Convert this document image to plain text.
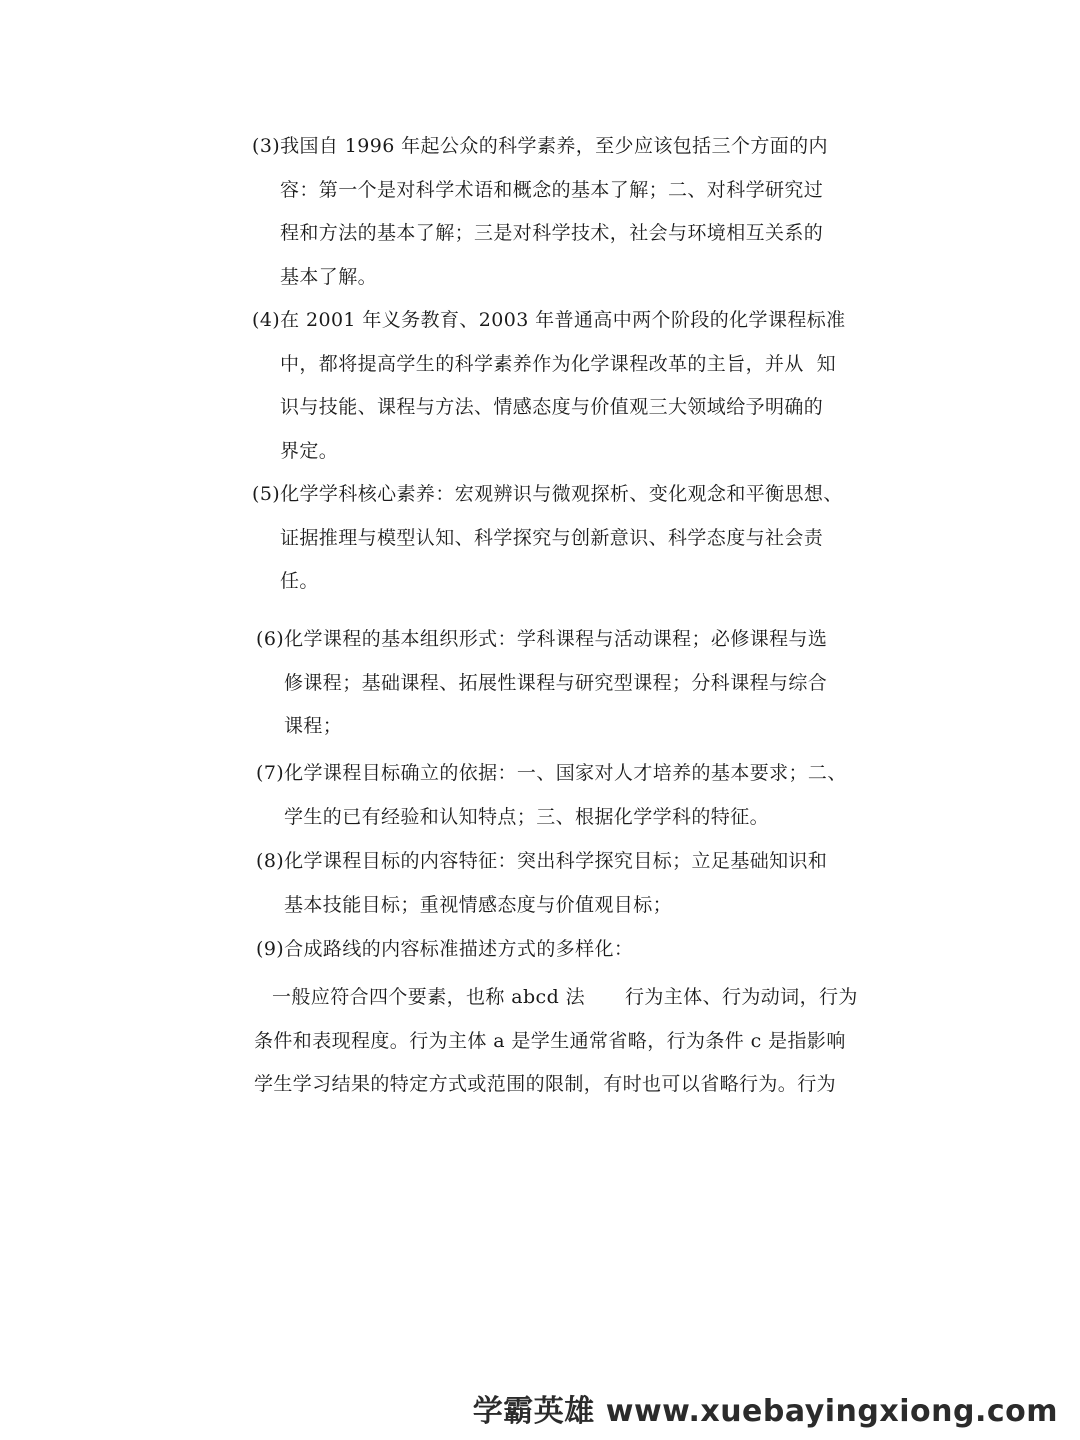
(3)我国自 1996 年起公众的科学素养，至少应该包括三个方面的内
容：第一个是对科学术语和概念的基本了解；二、对科学研究过
程和方法的基本了解；三是对科学技术，社会与环境相互关系的
基本了解。
(4)在 2001 年义务教育、2003 年普通高中两个阶段的化学课程标准
中，都将提高学生的科学素养作为化学课程改革的主旨，并从  知
识与技能、课程与方法、情感态度与价值观三大领域给予明确的
界定。
(5)化学学科核心素养：宏观辨识与微观探析、变化观念和平衡思想、
证据推理与模型认知、科学探究与创新意识、科学态度与社会责
任。
(6)化学课程的基本组织形式：学科课程与活动课程；必修课程与选
修课程；基础课程、拓展性课程与研究型课程；分科课程与综合
课程；
(7)化学课程目标确立的依据：一、国家对人才培养的基本要求；二、
学生的已有经验和认知特点；三、根据化学学科的特征。
(8)化学课程目标的内容特征：突出科学探究目标；立足基础知识和
基本技能目标；重视情感态度与价值观目标；
(9)合成路线的内容标准描述方式的多样化：
一般应符合四个要素，也称 abcd 法 行为主体、行为动词，行为
条件和表现程度。行为主体 a 是学生通常省略，行为条件 c 是指影响
学生学习结果的特定方式或范围的限制，有时也可以省略行为。行为
学霸英雄 www.xuebayingxiong.com
